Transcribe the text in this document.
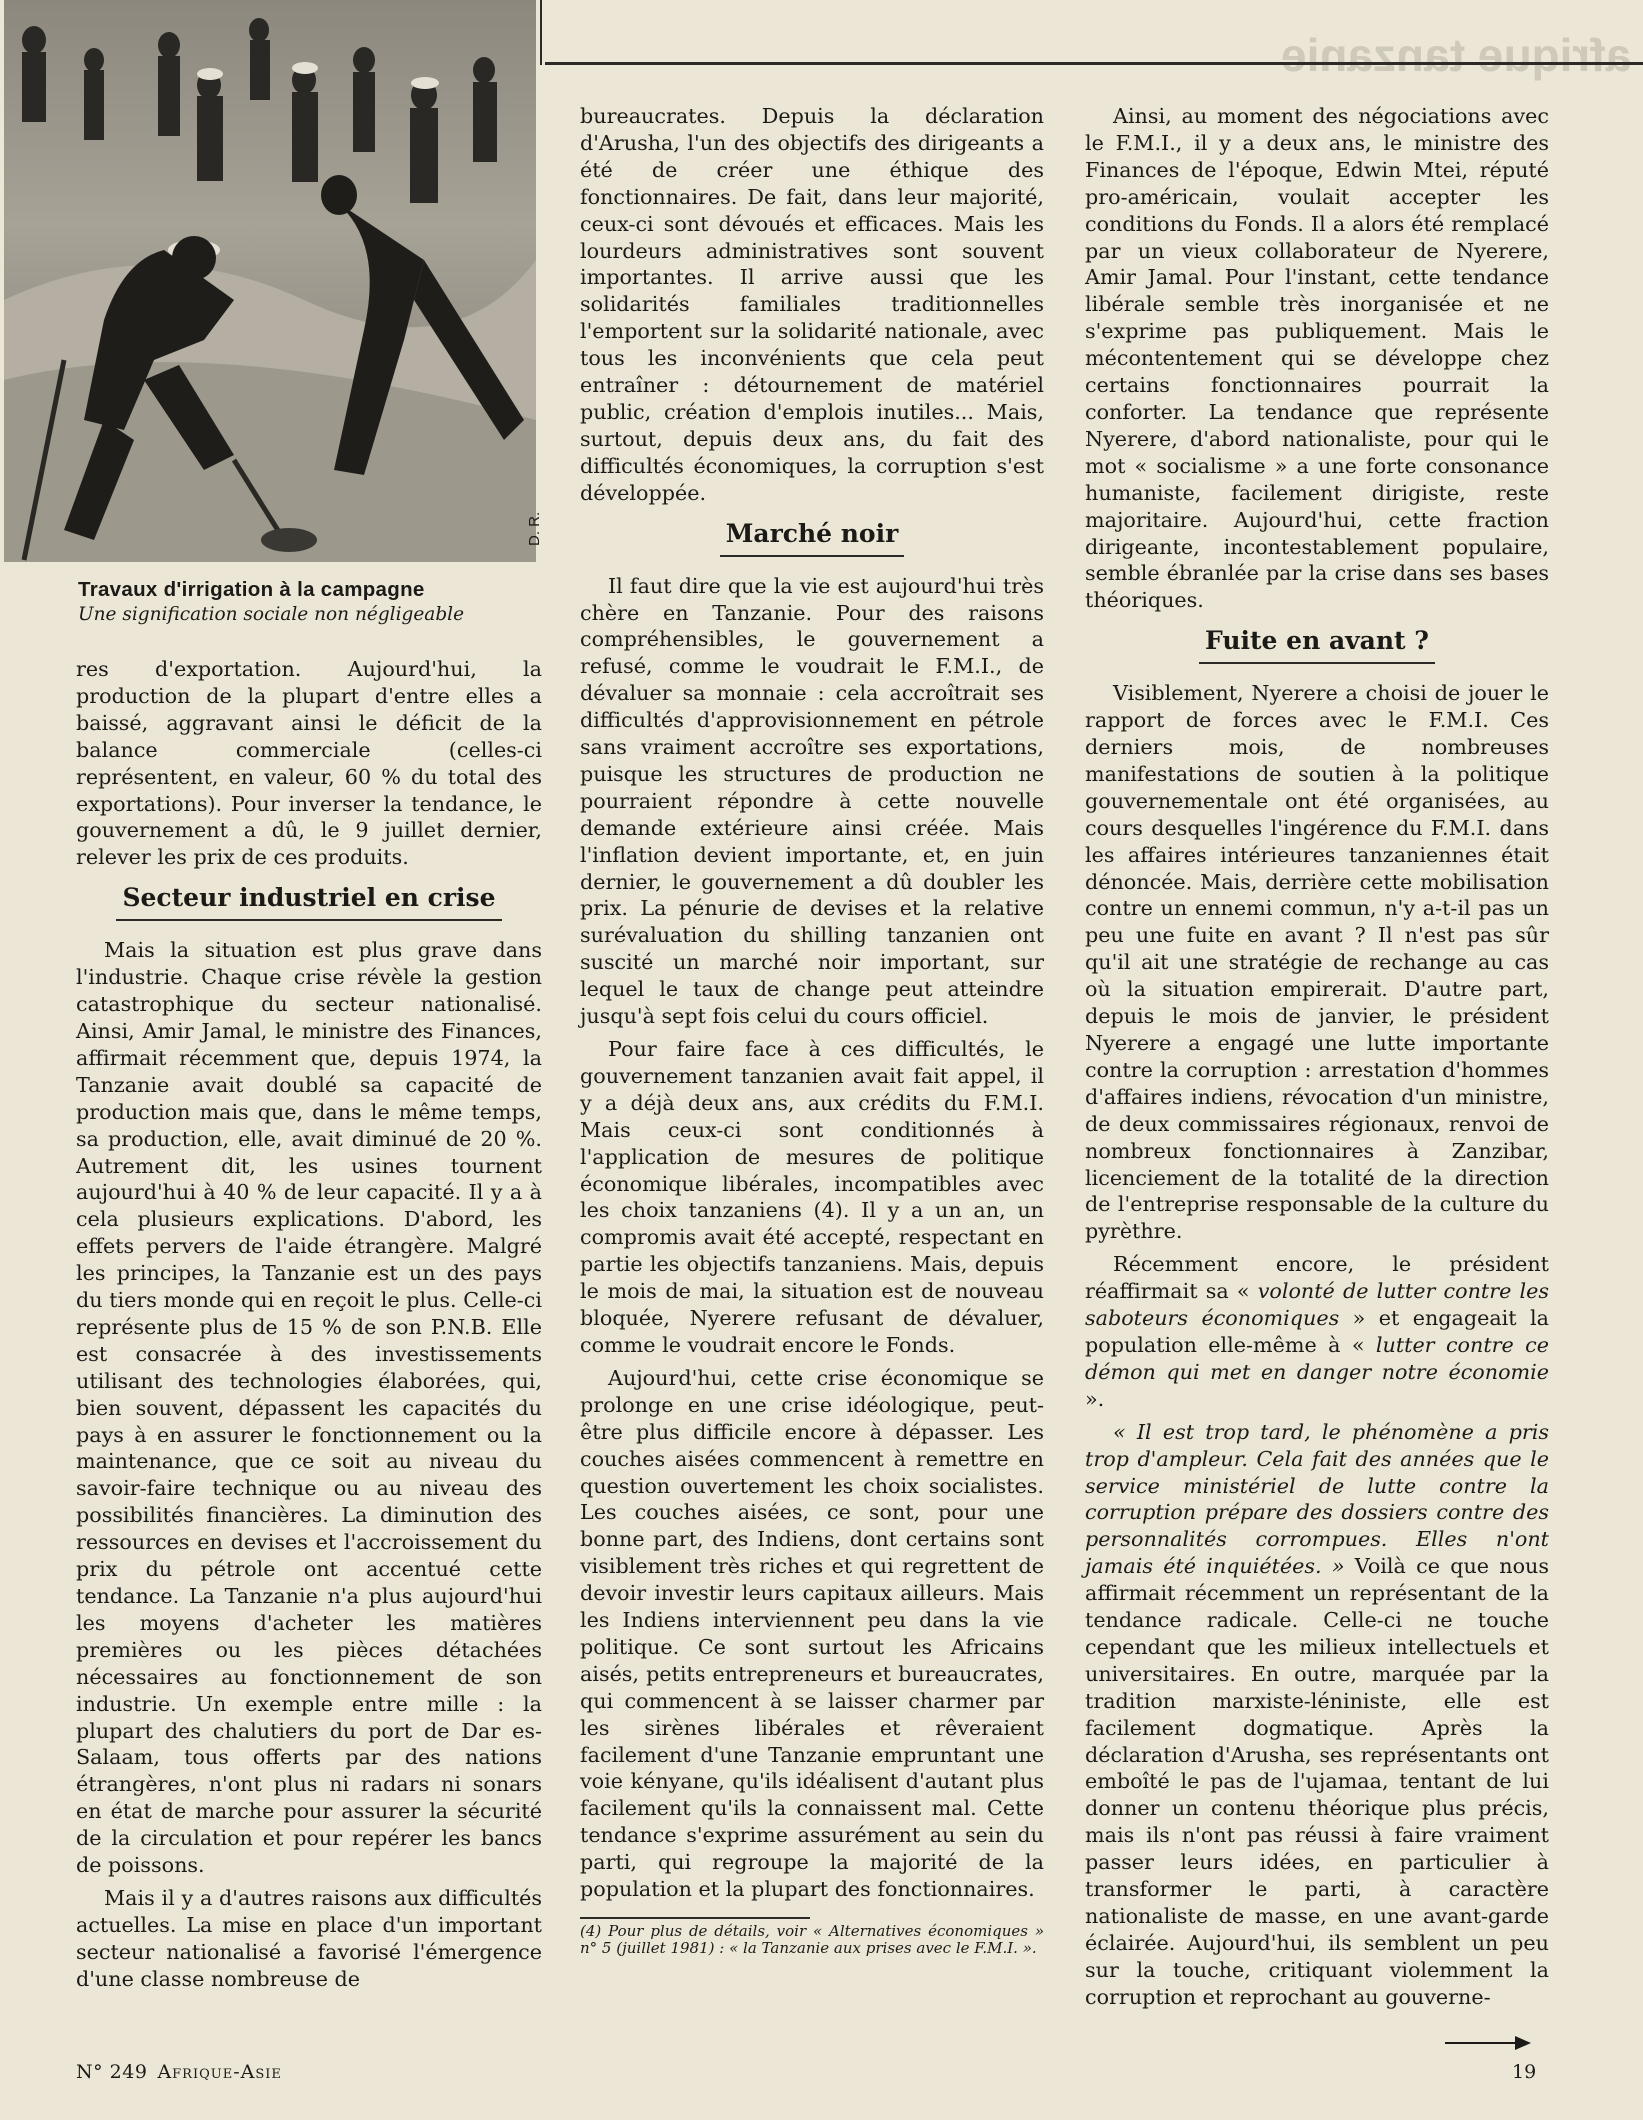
afrique tanzanie
D. R.
Travaux d'irrigation à la campagne
Une signification sociale non négligeable

res d'exportation. Aujourd'hui, la production de la plupart d'entre elles a baissé, aggravant ainsi le déficit de la balance commerciale (celles-ci représentent, en valeur, 60 % du total des exportations). Pour inverser la tendance, le gouvernement a dû, le 9 juillet dernier, relever les prix de ces produits.

Secteur industriel en crise

Mais la situation est plus grave dans l'industrie. Chaque crise révèle la gestion catastrophique du secteur nationalisé. Ainsi, Amir Jamal, le ministre des Finances, affirmait récemment que, depuis 1974, la Tanzanie avait doublé sa capacité de production mais que, dans le même temps, sa production, elle, avait diminué de 20 %. Autrement dit, les usines tournent aujourd'hui à 40 % de leur capacité. Il y a à cela plusieurs explications. D'abord, les effets pervers de l'aide étrangère. Malgré les principes, la Tanzanie est un des pays du tiers monde qui en reçoit le plus. Celle-ci représente plus de 15 % de son P.N.B. Elle est consacrée à des investissements utilisant des technologies élaborées, qui, bien souvent, dépassent les capacités du pays à en assurer le fonctionnement ou la maintenance, que ce soit au niveau du savoir-faire technique ou au niveau des possibilités financières. La diminution des ressources en devises et l'accroissement du prix du pétrole ont accentué cette tendance. La Tanzanie n'a plus aujourd'hui les moyens d'acheter les matières premières ou les pièces détachées nécessaires au fonctionnement de son industrie. Un exemple entre mille : la plupart des chalutiers du port de Dar es-Salaam, tous offerts par des nations étrangères, n'ont plus ni radars ni sonars en état de marche pour assurer la sécurité de la circulation et pour repérer les bancs de poissons.

Mais il y a d'autres raisons aux difficultés actuelles. La mise en place d'un important secteur nationalisé a favorisé l'émergence d'une classe nombreuse de

bureaucrates. Depuis la déclaration d'Arusha, l'un des objectifs des dirigeants a été de créer une éthique des fonctionnaires. De fait, dans leur majorité, ceux-ci sont dévoués et efficaces. Mais les lourdeurs administratives sont souvent importantes. Il arrive aussi que les solidarités familiales traditionnelles l'emportent sur la solidarité nationale, avec tous les inconvénients que cela peut entraîner : détournement de matériel public, création d'emplois inutiles... Mais, surtout, depuis deux ans, du fait des difficultés économiques, la corruption s'est développée.

Marché noir

Il faut dire que la vie est aujourd'hui très chère en Tanzanie. Pour des raisons compréhensibles, le gouvernement a refusé, comme le voudrait le F.M.I., de dévaluer sa monnaie : cela accroîtrait ses difficultés d'approvisionnement en pétrole sans vraiment accroître ses exportations, puisque les structures de production ne pourraient répondre à cette nouvelle demande extérieure ainsi créée. Mais l'inflation devient importante, et, en juin dernier, le gouvernement a dû doubler les prix. La pénurie de devises et la relative surévaluation du shilling tanzanien ont suscité un marché noir important, sur lequel le taux de change peut atteindre jusqu'à sept fois celui du cours officiel.

Pour faire face à ces difficultés, le gouvernement tanzanien avait fait appel, il y a déjà deux ans, aux crédits du F.M.I. Mais ceux-ci sont conditionnés à l'application de mesures de politique économique libérales, incompatibles avec les choix tanzaniens (4). Il y a un an, un compromis avait été accepté, respectant en partie les objectifs tanzaniens. Mais, depuis le mois de mai, la situation est de nouveau bloquée, Nyerere refusant de dévaluer, comme le voudrait encore le Fonds.

Aujourd'hui, cette crise économique se prolonge en une crise idéologique, peut-être plus difficile encore à dépasser. Les couches aisées commencent à remettre en question ouvertement les choix socialistes. Les couches aisées, ce sont, pour une bonne part, des Indiens, dont certains sont visiblement très riches et qui regrettent de devoir investir leurs capitaux ailleurs. Mais les Indiens interviennent peu dans la vie politique. Ce sont surtout les Africains aisés, petits entrepreneurs et bureaucrates, qui commencent à se laisser charmer par les sirènes libérales et rêveraient facilement d'une Tanzanie empruntant une voie kényane, qu'ils idéalisent d'autant plus facilement qu'ils la connaissent mal. Cette tendance s'exprime assurément au sein du parti, qui regroupe la majorité de la population et la plupart des fonctionnaires.

(4) Pour plus de détails, voir « Alternatives économiques » n° 5 (juillet 1981) : « la Tanzanie aux prises avec le F.M.I. ».

Ainsi, au moment des négociations avec le F.M.I., il y a deux ans, le ministre des Finances de l'époque, Edwin Mtei, réputé pro-américain, voulait accepter les conditions du Fonds. Il a alors été remplacé par un vieux collaborateur de Nyerere, Amir Jamal. Pour l'instant, cette tendance libérale semble très inorganisée et ne s'exprime pas publiquement. Mais le mécontentement qui se développe chez certains fonctionnaires pourrait la conforter. La tendance que représente Nyerere, d'abord nationaliste, pour qui le mot « socialisme » a une forte consonance humaniste, facilement dirigiste, reste majoritaire. Aujourd'hui, cette fraction dirigeante, incontestablement populaire, semble ébranlée par la crise dans ses bases théoriques.

Fuite en avant ?

Visiblement, Nyerere a choisi de jouer le rapport de forces avec le F.M.I. Ces derniers mois, de nombreuses manifestations de soutien à la politique gouvernementale ont été organisées, au cours desquelles l'ingérence du F.M.I. dans les affaires intérieures tanzaniennes était dénoncée. Mais, derrière cette mobilisation contre un ennemi commun, n'y a-t-il pas un peu une fuite en avant ? Il n'est pas sûr qu'il ait une stratégie de rechange au cas où la situation empirerait. D'autre part, depuis le mois de janvier, le président Nyerere a engagé une lutte importante contre la corruption : arrestation d'hommes d'affaires indiens, révocation d'un ministre, de deux commissaires régionaux, renvoi de nombreux fonctionnaires à Zanzibar, licenciement de la totalité de la direction de l'entreprise responsable de la culture du pyrèthre.

Récemment encore, le président réaffirmait sa « volonté de lutter contre les saboteurs économiques » et engageait la population elle-même à « lutter contre ce démon qui met en danger notre économie ».

« Il est trop tard, le phénomène a pris trop d'ampleur. Cela fait des années que le service ministériel de lutte contre la corruption prépare des dossiers contre des personnalités corrompues. Elles n'ont jamais été inquiétées. » Voilà ce que nous affirmait récemment un représentant de la tendance radicale. Celle-ci ne touche cependant que les milieux intellectuels et universitaires. En outre, marquée par la tradition marxiste-léniniste, elle est facilement dogmatique. Après la déclaration d'Arusha, ses représentants ont emboîté le pas de l'ujamaa, tentant de lui donner un contenu théorique plus précis, mais ils n'ont pas réussi à faire vraiment passer leurs idées, en particulier à transformer le parti, à caractère nationaliste de masse, en une avant-garde éclairée. Aujourd'hui, ils semblent un peu sur la touche, critiquant violemment la corruption et reprochant au gouverne-

N° 249 Afrique-Asie	19
